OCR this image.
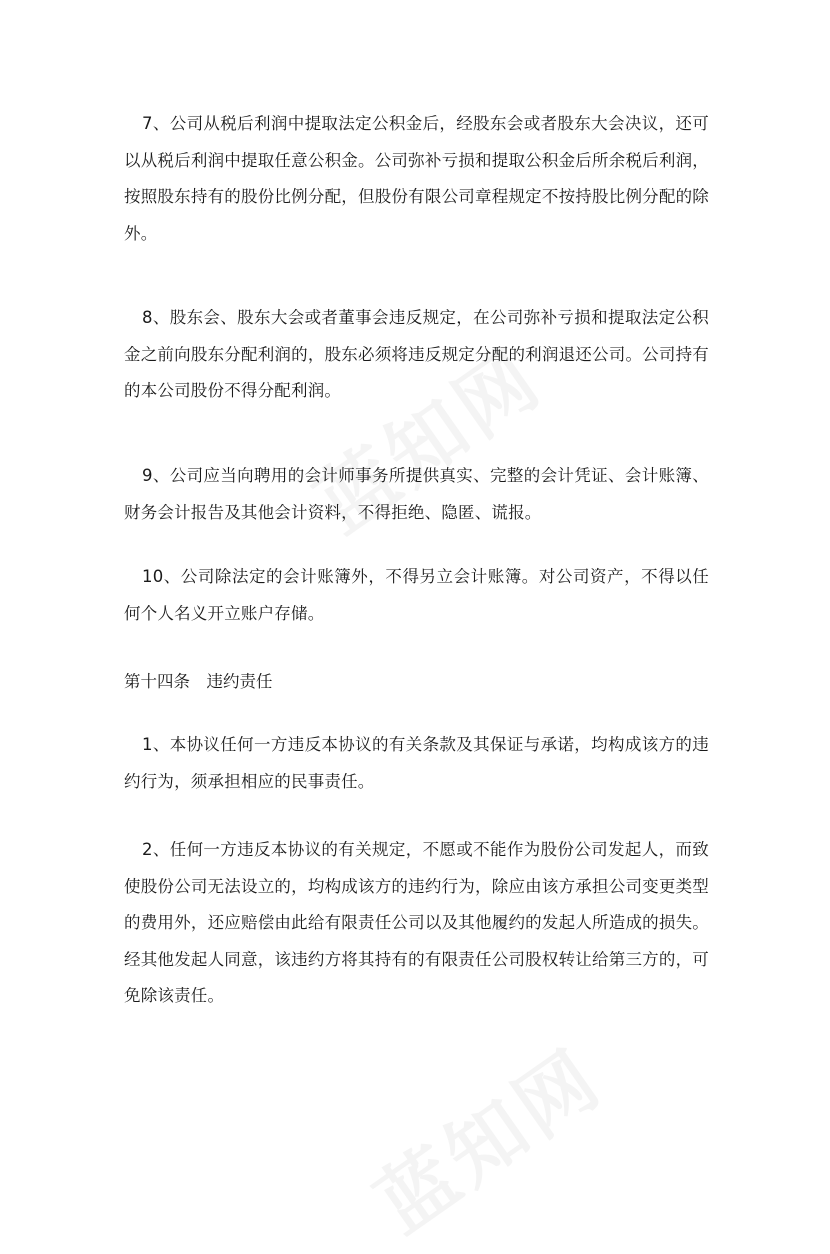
7、公司从税后利润中提取法定公积金后，经股东会或者股东大会决议，还可以从税后利润中提取任意公积金。公司弥补亏损和提取公积金后所余税后利润，按照股东持有的股份比例分配，但股份有限公司章程规定不按持股比例分配的除外。

8、股东会、股东大会或者董事会违反规定，在公司弥补亏损和提取法定公积金之前向股东分配利润的，股东必须将违反规定分配的利润退还公司。公司持有的本公司股份不得分配利润。

9、公司应当向聘用的会计师事务所提供真实、完整的会计凭证、会计账簿、财务会计报告及其他会计资料，不得拒绝、隐匿、谎报。

10、公司除法定的会计账簿外，不得另立会计账簿。对公司资产，不得以任何个人名义开立账户存储。

第十四条　违约责任

1、本协议任何一方违反本协议的有关条款及其保证与承诺，均构成该方的违约行为，须承担相应的民事责任。

2、任何一方违反本协议的有关规定，不愿或不能作为股份公司发起人，而致使股份公司无法设立的，均构成该方的违约行为，除应由该方承担公司变更类型的费用外，还应赔偿由此给有限责任公司以及其他履约的发起人所造成的损失。经其他发起人同意，该违约方将其持有的有限责任公司股权转让给第三方的，可免除该责任。
